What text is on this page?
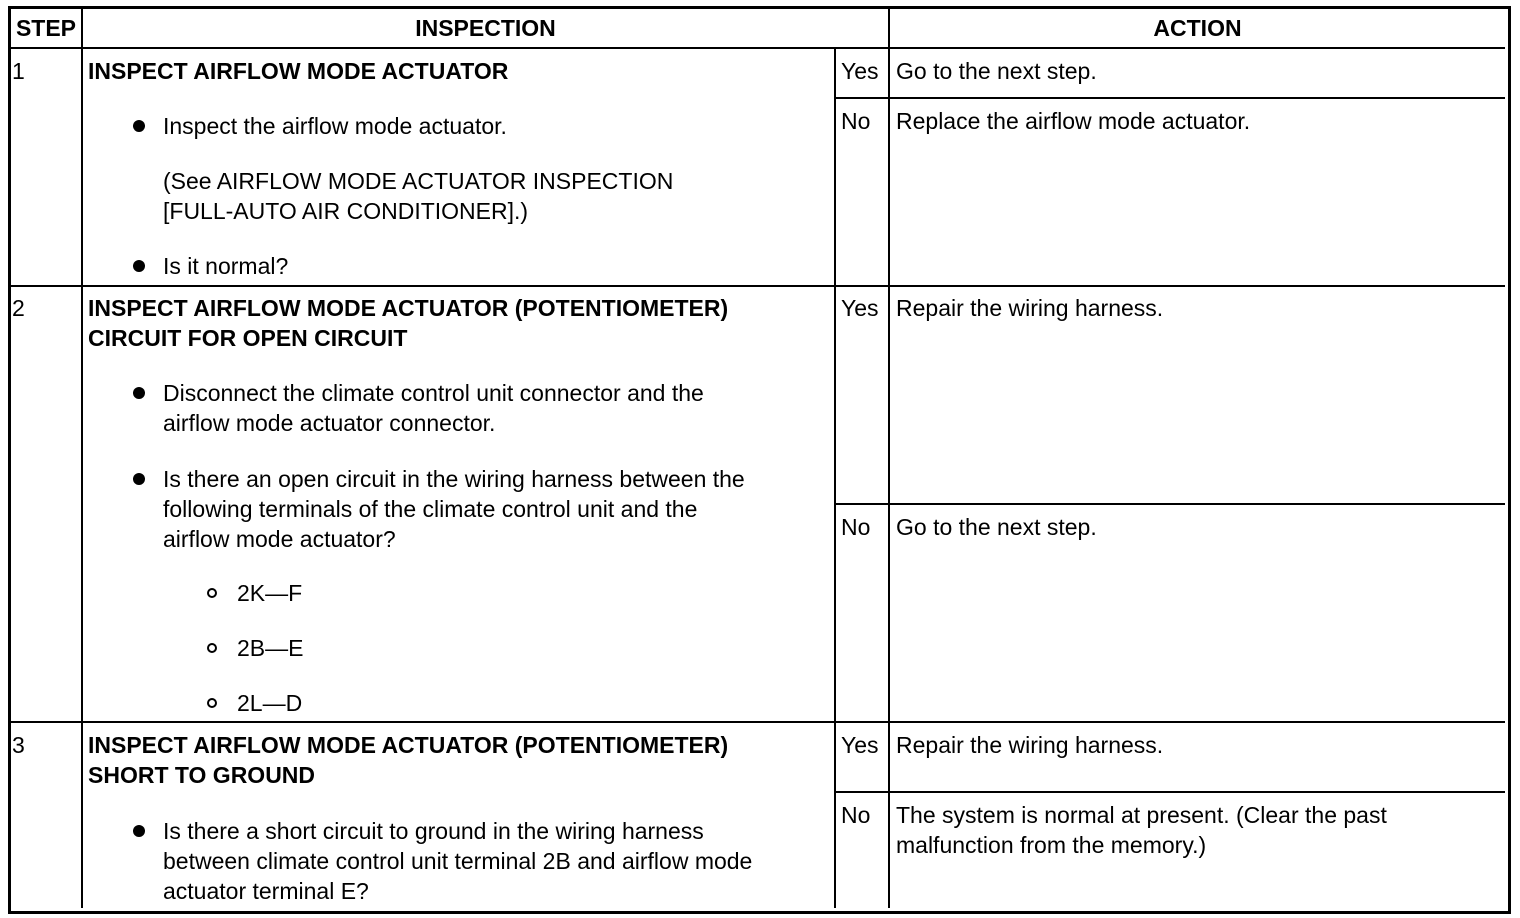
STEP	INSPECTION	ACTION
1	INSPECT AIRFLOW MODE ACTUATOR
Inspect the airflow mode actuator.
(See AIRFLOW MODE ACTUATOR INSPECTION
[FULL-AUTO AIR CONDITIONER].)
Is it normal?
Yes Go to the next step.
No Replace the airflow mode actuator.
2	INSPECT AIRFLOW MODE ACTUATOR (POTENTIOMETER)
CIRCUIT FOR OPEN CIRCUIT
Disconnect the climate control unit connector and the
airflow mode actuator connector.
Is there an open circuit in the wiring harness between the
following terminals of the climate control unit and the
airflow mode actuator?
2K—F
2B—E
2L—D
Yes Repair the wiring harness.
No Go to the next step.
3	INSPECT AIRFLOW MODE ACTUATOR (POTENTIOMETER)
SHORT TO GROUND
Is there a short circuit to ground in the wiring harness
between climate control unit terminal 2B and airflow mode
actuator terminal E?
Yes Repair the wiring harness.
No The system is normal at present. (Clear the past
malfunction from the memory.)
